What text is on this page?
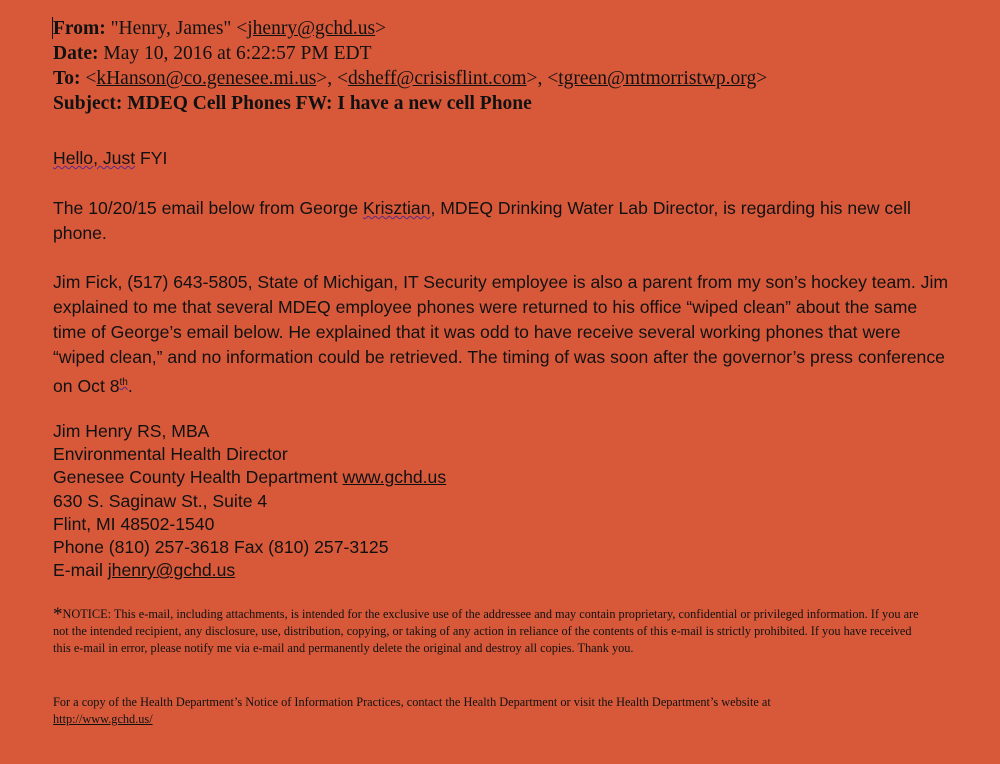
From: "Henry, James" <jhenry@gchd.us>
Date: May 10, 2016 at 6:22:57 PM EDT
To: <kHanson@co.genesee.mi.us>, <dsheff@crisisflint.com>, <tgreen@mtmorristwp.org>
Subject: MDEQ Cell Phones FW: I have a new cell Phone
Hello, Just FYI
The 10/20/15 email below from George Krisztian, MDEQ Drinking Water Lab Director, is regarding his new cell phone.
Jim Fick, (517) 643-5805, State of Michigan, IT Security employee is also a parent from my son’s hockey team. Jim explained to me that several MDEQ employee phones were returned to his office “wiped clean” about the same time of George’s email below. He explained that it was odd to have receive several working phones that were “wiped clean,” and no information could be retrieved. The timing of was soon after the governor’s press conference on Oct 8th.
Jim Henry RS, MBA
Environmental Health Director
Genesee County Health Department www.gchd.us
630 S. Saginaw St., Suite 4
Flint, MI 48502-1540
Phone (810) 257-3618 Fax (810) 257-3125
E-mail jhenry@gchd.us
*NOTICE: This e-mail, including attachments, is intended for the exclusive use of the addressee and may contain proprietary, confidential or privileged information. If you are not the intended recipient, any disclosure, use, distribution, copying, or taking of any action in reliance of the contents of this e-mail is strictly prohibited. If you have received this e-mail in error, please notify me via e-mail and permanently delete the original and destroy all copies. Thank you.
For a copy of the Health Department’s Notice of Information Practices, contact the Health Department or visit the Health Department’s website at
http://www.gchd.us/
